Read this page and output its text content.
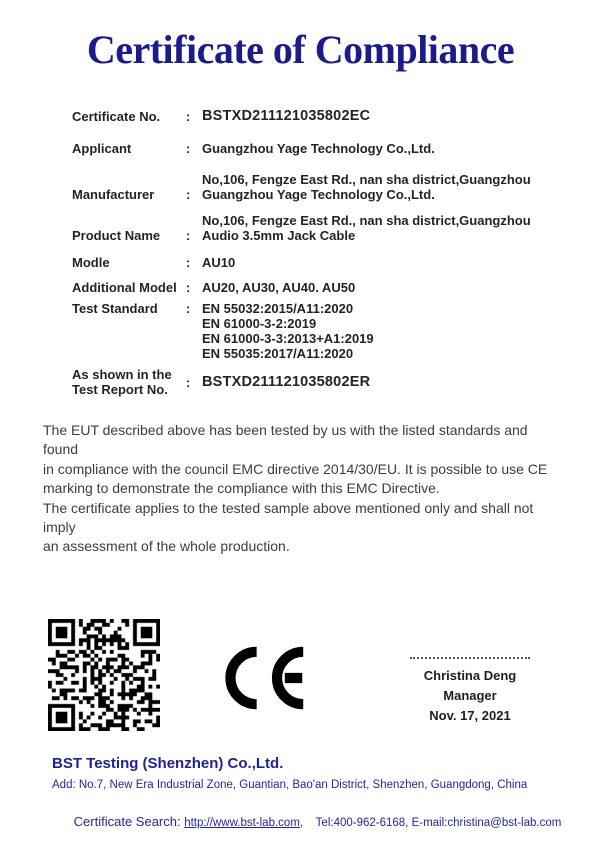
Certificate of Compliance
Certificate No.	: BSTXD211121035802EC
Applicant	: Guangzhou Yage Technology Co.,Ltd.
Manufacturer	:
No,106, Fengze East Rd., nan sha district,Guangzhou
Guangzhou Yage Technology Co.,Ltd.
Product Name	:
No,106, Fengze East Rd., nan sha district,Guangzhou
Audio 3.5mm Jack Cable
Modle	: AU10
Additional Model : AU20, AU30, AU40. AU50
Test Standard	: EN 55032:2015/A11:2020
EN 61000-3-2:2019
EN 61000-3-3:2013+A1:2019
EN 55035:2017/A11:2020
As shown in the
Test Report No.	: BSTXD211121035802ER
The EUT described above has been tested by us with the listed standards and found
in compliance with the council EMC directive 2014/30/EU. It is possible to use CE
marking to demonstrate the compliance with this EMC Directive.
The certificate applies to the tested sample above mentioned only and shall not imply
an assessment of the whole production.
Christina Deng
Manager
Nov. 17, 2021
BST Testing (Shenzhen) Co.,Ltd.
Add: No.7, New Era Industrial Zone, Guantian, Bao'an District, Shenzhen, Guangdong, China

Certificate Search: http://www.bst-lab.com,    Tel:400-962-6168, E-mail:christina@bst-lab.com
